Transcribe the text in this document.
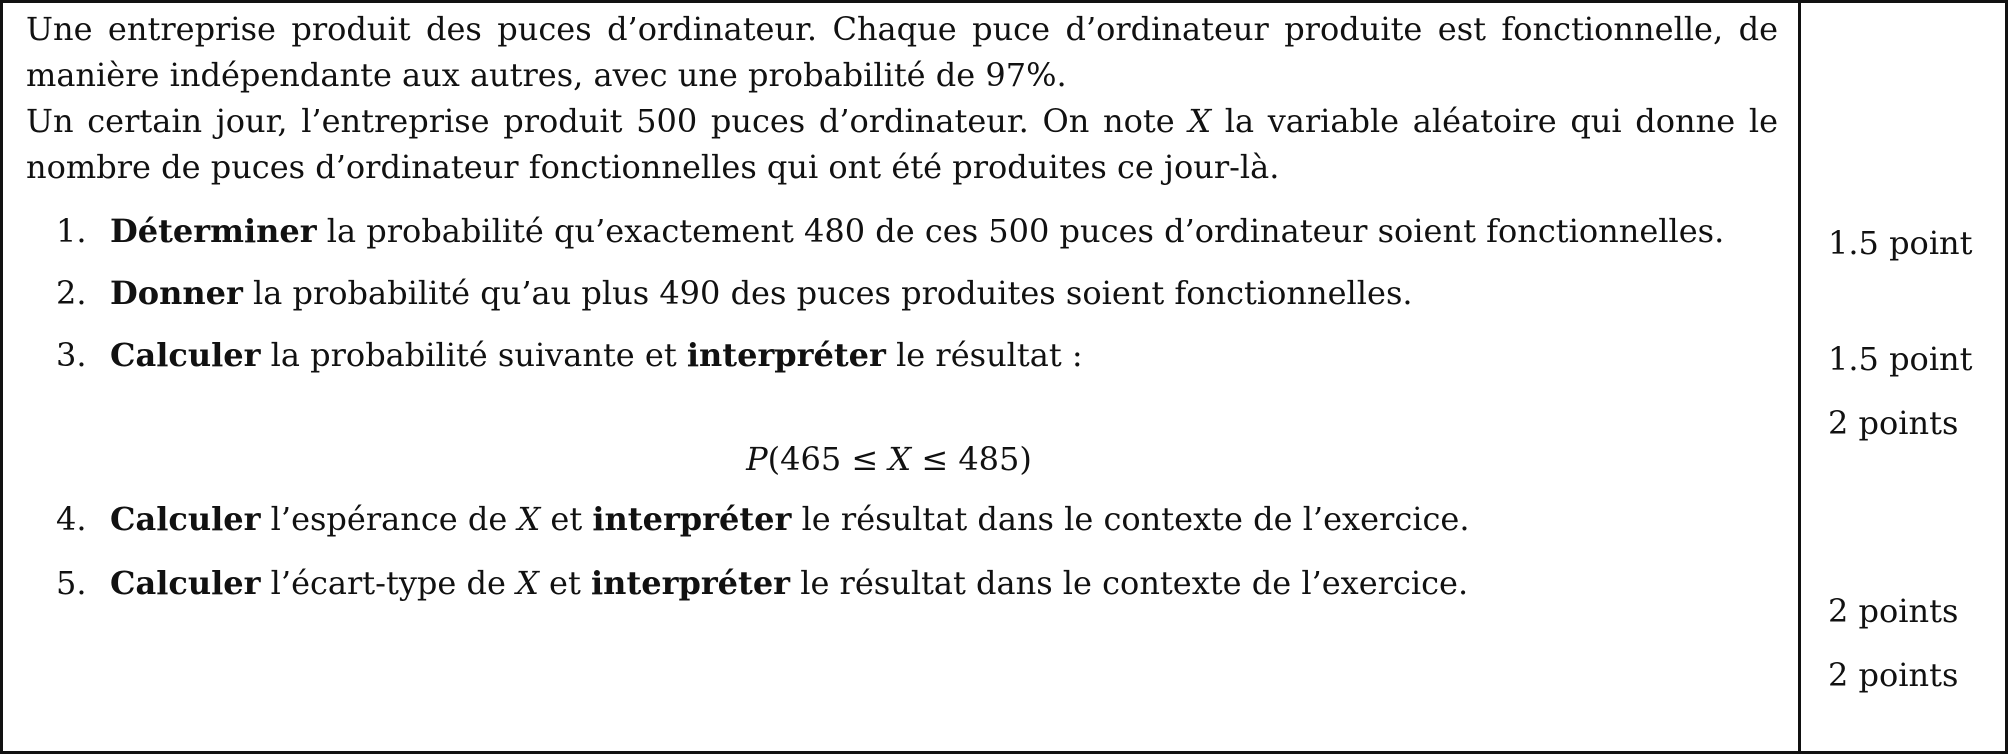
Une entreprise produit des puces d’ordinateur. Chaque puce d’ordinateur produite est fonctionnelle, de manière indépendante aux autres, avec une probabilité de 97%.

Un certain jour, l’entreprise produit 500 puces d’ordinateur. On note X la variable aléatoire qui donne le nombre de puces d’ordinateur fonctionnelles qui ont été produites ce jour-là.

1. Déterminer la probabilité qu’exactement 480 de ces 500 puces d’ordinateur soient fonctionnelles.
2. Donner la probabilité qu’au plus 490 des puces produites soient fonctionnelles.
3. Calculer la probabilité suivante et interpréter le résultat :
P(465 ≤ X ≤ 485)
4. Calculer l’espérance de X et interpréter le résultat dans le contexte de l’exercice.
5. Calculer l’écart-type de X et interpréter le résultat dans le contexte de l’exercice.
1.5 point
1.5 point
2 points
2 points
2 points
